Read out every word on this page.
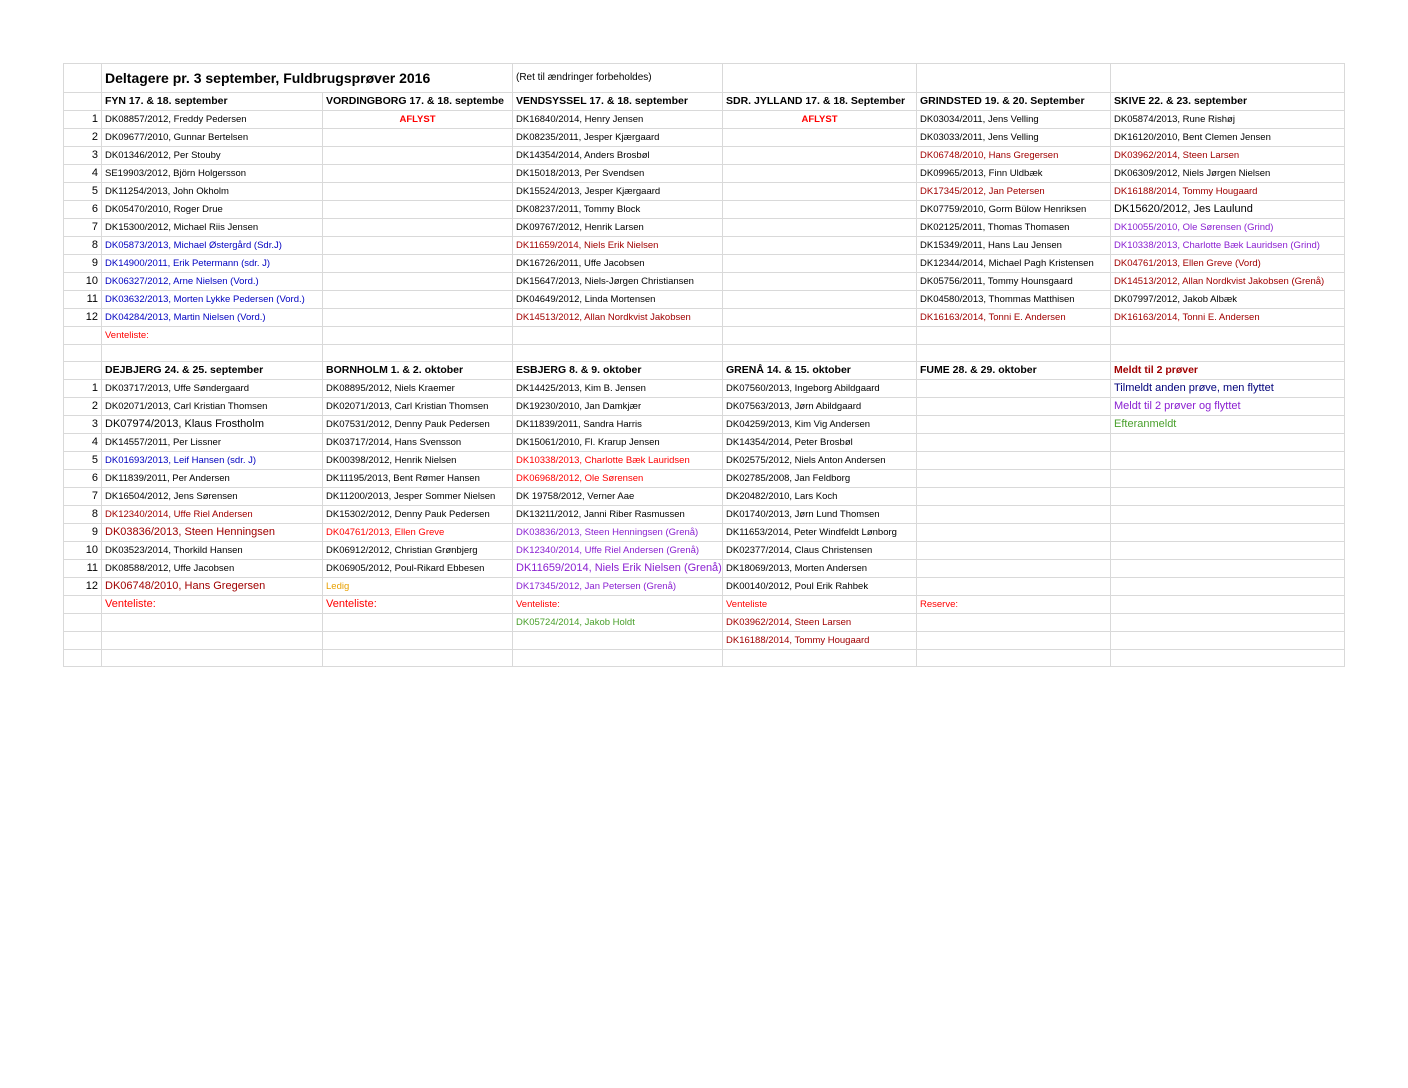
	Deltagere pr. 3 september, Fuldbrugsprøver 2016		(Ret til ændringer forbeholdes)			
	FYN 17. & 18. september	VORDINGBORG 17. & 18. septembe	VENDSYSSEL 17. & 18. september	SDR. JYLLAND 17. & 18. September	GRINDSTED 19. & 20. September	SKIVE 22. & 23. september
1	DK08857/2012, Freddy Pedersen	AFLYST	DK16840/2014, Henry Jensen	AFLYST	DK03034/2011, Jens Velling	DK05874/2013, Rune Rishøj
2	DK09677/2010, Gunnar Bertelsen		DK08235/2011, Jesper Kjærgaard		DK03033/2011, Jens Velling	DK16120/2010, Bent Clemen Jensen
3	DK01346/2012, Per Stouby		DK14354/2014, Anders Brosbøl		DK06748/2010, Hans Gregersen	DK03962/2014, Steen Larsen
4	SE19903/2012, Björn Holgersson		DK15018/2013, Per Svendsen		DK09965/2013, Finn Uldbæk	DK06309/2012, Niels Jørgen Nielsen
5	DK11254/2013, John Okholm		DK15524/2013, Jesper Kjærgaard		DK17345/2012, Jan Petersen	DK16188/2014, Tommy Hougaard
6	DK05470/2010, Roger Drue		DK08237/2011, Tommy Block		DK07759/2010, Gorm Bülow Henriksen	DK15620/2012, Jes Laulund
7	DK15300/2012, Michael Riis Jensen		DK09767/2012, Henrik Larsen		DK02125/2011, Thomas Thomasen	DK10055/2010, Ole Sørensen (Grind)
8	DK05873/2013, Michael Østergård (Sdr.J)		DK11659/2014, Niels Erik Nielsen		DK15349/2011, Hans Lau Jensen	DK10338/2013, Charlotte Bæk Lauridsen (Grind)
9	DK14900/2011, Erik Petermann (sdr. J)		DK16726/2011, Uffe Jacobsen		DK12344/2014, Michael Pagh Kristensen	DK04761/2013, Ellen Greve (Vord)
10	DK06327/2012, Arne Nielsen (Vord.)		DK15647/2013, Niels-Jørgen Christiansen		DK05756/2011, Tommy Hounsgaard	DK14513/2012, Allan Nordkvist Jakobsen (Grenå)
11	DK03632/2013, Morten Lykke Pedersen (Vord.)		DK04649/2012, Linda Mortensen		DK04580/2013, Thommas Matthisen	DK07997/2012, Jakob Albæk
12	DK04284/2013, Martin Nielsen (Vord.)		DK14513/2012, Allan Nordkvist Jakobsen		DK16163/2014, Tonni E. Andersen	DK16163/2014, Tonni E. Andersen
	Venteliste:					

	DEJBJERG 24. & 25. september	BORNHOLM 1. & 2. oktober	ESBJERG 8. & 9. oktober	GRENÅ 14. & 15. oktober	FUME 28. & 29. oktober	Meldt til 2 prøver
1	DK03717/2013, Uffe Søndergaard	DK08895/2012, Niels Kraemer	DK14425/2013, Kim B. Jensen	DK07560/2013, Ingeborg Abildgaard		Tilmeldt anden prøve, men flyttet
2	DK02071/2013, Carl Kristian Thomsen	DK02071/2013, Carl Kristian Thomsen	DK19230/2010, Jan Damkjær	DK07563/2013, Jørn Abildgaard		Meldt til 2 prøver og flyttet
3	DK07974/2013, Klaus Frostholm	DK07531/2012, Denny Pauk Pedersen	DK11839/2011, Sandra Harris	DK04259/2013, Kim Vig Andersen		Efteranmeldt
4	DK14557/2011, Per Lissner	DK03717/2014, Hans Svensson	DK15061/2010, Fl. Krarup Jensen	DK14354/2014, Peter Brosbøl		
5	DK01693/2013, Leif Hansen (sdr. J)	DK00398/2012, Henrik Nielsen	DK10338/2013, Charlotte Bæk Lauridsen	DK02575/2012, Niels Anton Andersen		
6	DK11839/2011, Per Andersen	DK11195/2013, Bent Rømer Hansen	DK06968/2012, Ole Sørensen	DK02785/2008, Jan Feldborg		
7	DK16504/2012, Jens Sørensen	DK11200/2013, Jesper Sommer Nielsen	DK 19758/2012, Verner Aae	DK20482/2010, Lars Koch		
8	DK12340/2014, Uffe Riel Andersen	DK15302/2012, Denny Pauk Pedersen	DK13211/2012, Janni Riber Rasmussen	DK01740/2013, Jørn Lund Thomsen		
9	DK03836/2013, Steen Henningsen	DK04761/2013, Ellen Greve	DK03836/2013, Steen Henningsen (Grenå)	DK11653/2014, Peter Windfeldt Lønborg		
10	DK03523/2014, Thorkild Hansen	DK06912/2012, Christian Grønbjerg	DK12340/2014, Uffe Riel Andersen (Grenå)	DK02377/2014, Claus Christensen		
11	DK08588/2012, Uffe Jacobsen	DK06905/2012, Poul-Rikard Ebbesen	DK11659/2014, Niels Erik Nielsen (Grenå)	DK18069/2013, Morten Andersen		
12	DK06748/2010, Hans Gregersen	Ledig	DK17345/2012, Jan Petersen (Grenå)	DK00140/2012, Poul Erik Rahbek		
	Venteliste:	Venteliste:	Venteliste:	Venteliste	Reserve:	
			DK05724/2014, Jakob Holdt	DK03962/2014, Steen Larsen		
				DK16188/2014, Tommy Hougaard		
